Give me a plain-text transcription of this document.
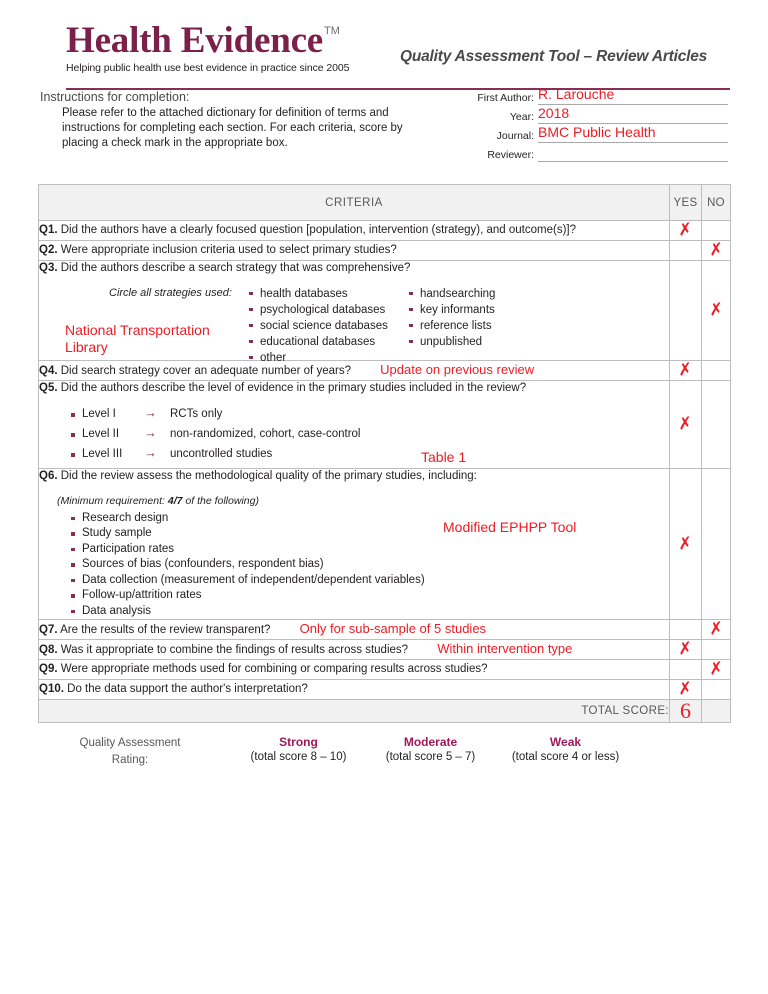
Health Evidence™
Helping public health use best evidence in practice since 2005
Quality Assessment Tool – Review Articles
Instructions for completion:
Please refer to the attached dictionary for definition of terms and instructions for completing each section. For each criteria, score by placing a check mark in the appropriate box.
First Author: R. Larouche
Year: 2018
Journal: BMC Public Health
Reviewer:
CRITERIA	YES	NO
Q1. Did the authors have a clearly focused question [population, intervention (strategy), and outcome(s)]?	✗	
Q2. Were appropriate inclusion criteria used to select primary studies?		✗
Q3. Did the authors describe a search strategy that was comprehensive?
Circle all strategies used:
National Transportation Library
health databases
psychological databases
social science databases
educational databases
other
handsearching
key informants
reference lists
unpublished
		✗
Q4. Did search strategy cover an adequate number of years? Update on previous review	✗	
Q5. Did the authors describe the level of evidence in the primary studies included in the review?
Level I	→	RCTs only
Level II	→	non-randomized, cohort, case-control
Level III	→	uncontrolled studies	Table 1
	✗	
Q6. Did the review assess the methodological quality of the primary studies, including:
(Minimum requirement: 4/7 of the following)
Research design
Study sample
Participation rates
Sources of bias (confounders, respondent bias)
Data collection (measurement of independent/dependent variables)
Follow-up/attrition rates
Data analysis
Modified EPHPP Tool
	✗	
Q7. Are the results of the review transparent? Only for sub-sample of 5 studies		✗
Q8. Was it appropriate to combine the findings of results across studies? Within intervention type	✗	
Q9. Were appropriate methods used for combining or comparing results across studies?		✗
Q10. Do the data support the author's interpretation?	✗	
TOTAL SCORE:	6	
Quality Assessment Rating:
Strong
(total score 8 – 10)
Moderate
(total score 5 – 7)
Weak
(total score 4 or less)
